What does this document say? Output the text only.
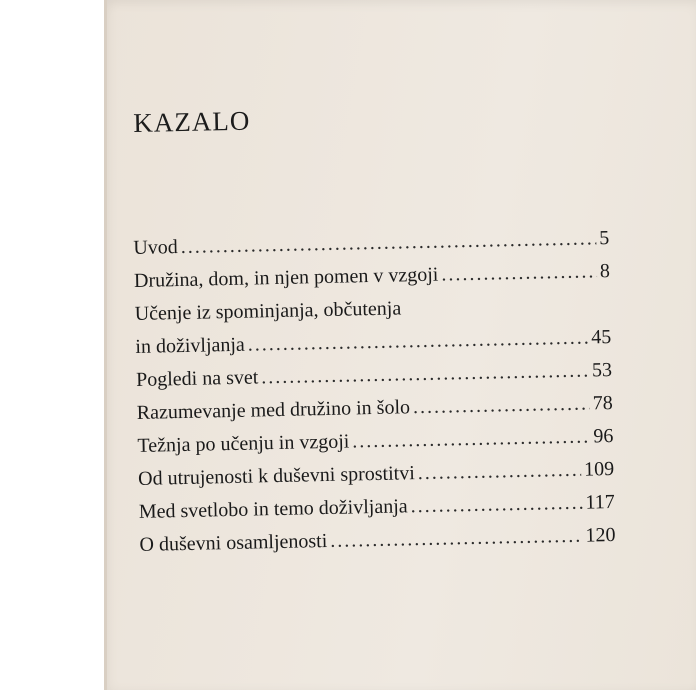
KAZALO
Uvod .....	5
Družina, dom, in njen pomen v vzgoji .....	8
Učenje iz spominjanja, občutenja
in doživljanja .....	45
Pogledi na svet .....	53
Razumevanje med družino in šolo .....	78
Težnja po učenju in vzgoji .....	96
Od utrujenosti k duševni sprostitvi .....	109
Med svetlobo in temo doživljanja .....	117
O duševni osamljenosti .....	120
